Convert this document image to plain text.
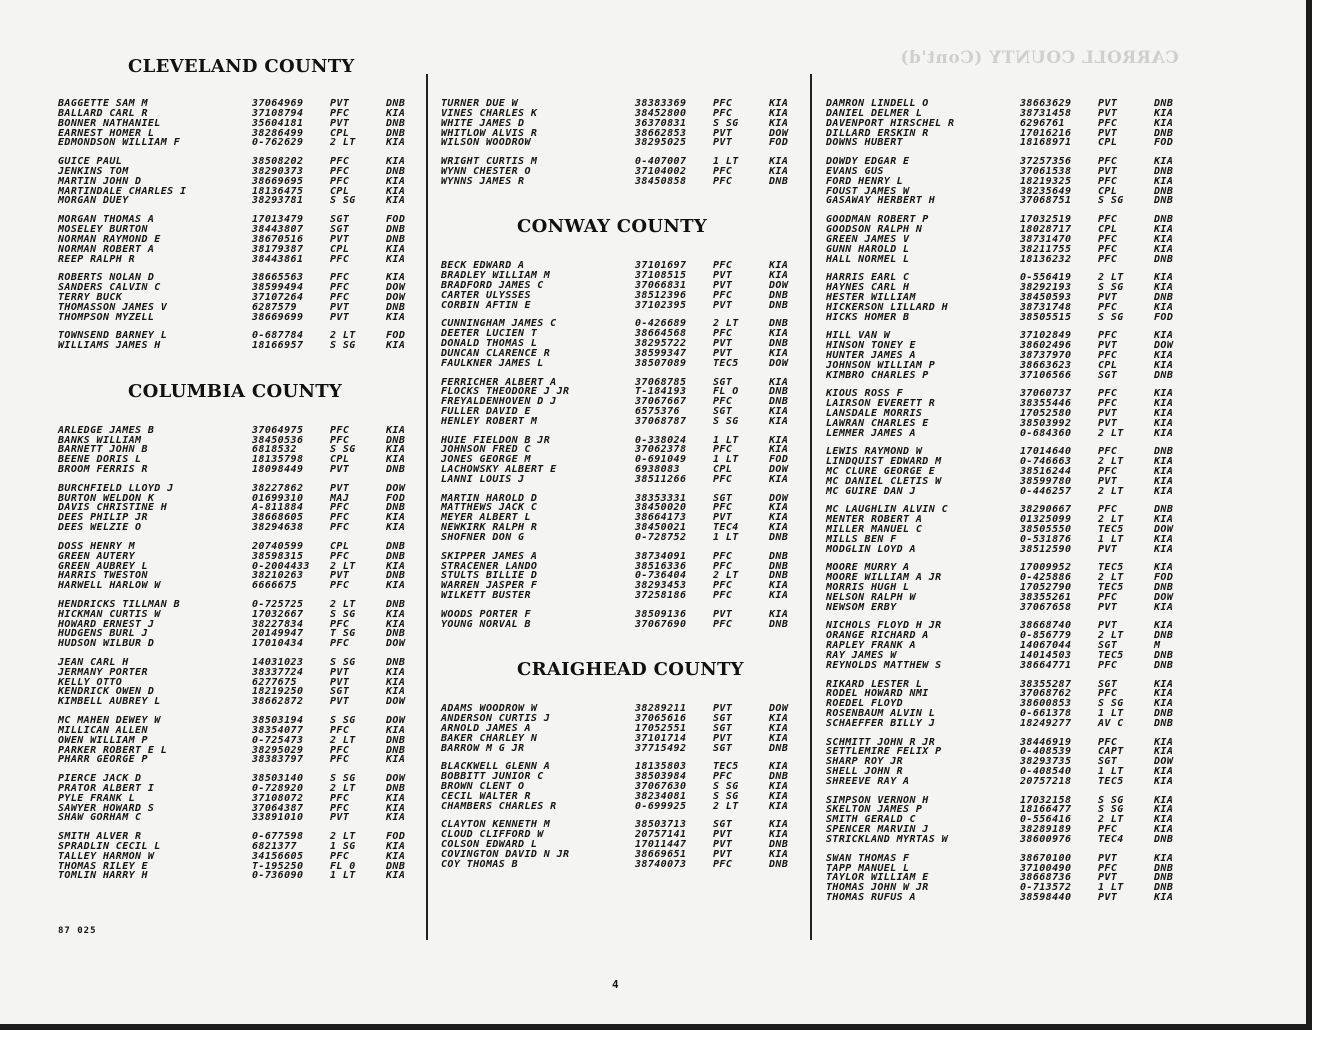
CARROLL COUNTY (Cont'd)
CLEVELAND COUNTY
BAGGETTE SAM M	37064969	PVT	DNB
BALLARD CARL R	37108794	PFC	KIA
BONNER NATHANIEL	35604181	PVT	DNB
EARNEST HOMER L	38286499	CPL	DNB
EDMONDSON WILLIAM F	0-762629	2 LT	KIA
GUICE PAUL	38508202	PFC	KIA
JENKINS TOM	38290373	PFC	DNB
MARTIN JOHN D	38669695	PFC	KIA
MARTINDALE CHARLES I	18136475	CPL	KIA
MORGAN DUEY	38293781	S SG	KIA
MORGAN THOMAS A	17013479	SGT	FOD
MOSELEY BURTON	38443807	SGT	DNB
NORMAN RAYMOND E	38670516	PVT	DNB
NORMAN ROBERT A	38179387	CPL	KIA
REEP RALPH R	38443861	PFC	KIA
ROBERTS NOLAN D	38665563	PFC	KIA
SANDERS CALVIN C	38599494	PFC	DOW
TERRY BUCK	37107264	PFC	DOW
THOMASSON JAMES V	6287579	PVT	DNB
THOMPSON MYZELL	38669699	PVT	KIA
TOWNSEND BARNEY L	0-687784	2 LT	FOD
WILLIAMS JAMES H	18166957	S SG	KIA
COLUMBIA COUNTY
ARLEDGE JAMES B	37064975	PFC	KIA
BANKS WILLIAM	38450536	PFC	DNB
BARNETT JOHN B	6818532	S SG	KIA
BEENE DORIS L	18135798	CPL	KIA
BROOM FERRIS R	18098449	PVT	DNB
BURCHFIELD LLOYD J	38227862	PVT	DOW
BURTON WELDON K	01699310	MAJ	FOD
DAVIS CHRISTINE H	A-811884	PFC	DNB
DEES PHILIP JR	38668605	PFC	KIA
DEES WELZIE O	38294638	PFC	KIA
DOSS HENRY M	20740599	CPL	DNB
GREEN AUTERY	38598315	PFC	DNB
GREEN AUBREY L	0-2004433 2 LT	KIA
HARRIS TWESTON	38210263	PVT	DNB
HARWELL HARLOW W	6666675	PFC	KIA
HENDRICKS TILLMAN B	0-725725	2 LT	DNB
HICKMAN CURTIS W	17032667	S SG	KIA
HOWARD ERNEST J	38227834	PFC	KIA
HUDGENS BURL J	20149947	T SG	DNB
HUDSON WILBUR D	17010434	PFC	DOW
JEAN CARL H	14031023	S SG	DNB
JERMANY PORTER	38337724	PVT	KIA
KELLY OTTO	6277675	PVT	KIA
KENDRICK OWEN D	18219250	SGT	KIA
KIMBELL AUBREY L	38662872	PVT	DOW
MC MAHEN DEWEY W	38503194	S SG	DOW
MILLICAN ALLEN	38354077	PFC	KIA
OWEN WILLIAM P	0-725473	2 LT	DNB
PARKER ROBERT E L	38295029	PFC	DNB
PHARR GEORGE P	38383797	PFC	KIA
PIERCE JACK D	38503140	S SG	DOW
PRATOR ALBERT I	0-728920	2 LT	DNB
PYLE FRANK L	37108072	PFC	KIA
SAWYER HOWARD S	37064387	PFC	KIA
SHAW GORHAM C	33891010	PVT	KIA
SMITH ALVER R	0-677598	2 LT	FOD
SPRADLIN CECIL L	6821377	1 SG	KIA
TALLEY HARMON W	34156605	PFC	KIA
THOMAS RILEY E	T-195250	FL 0	DNB
TOMLIN HARRY H	0-736090	1 LT	KIA
TURNER DUE W	38383369	PFC	KIA
VINES CHARLES K	38452800	PFC	KIA
WHITE JAMES D	36370831	S SG	KIA
WHITLOW ALVIS R	38662853	PVT	DOW
WILSON WOODROW	38295025	PVT	FOD
WRIGHT CURTIS M	0-407007	1 LT	KIA
WYNN CHESTER O	37104002	PFC	KIA
WYNNS JAMES R	38450858	PFC	DNB
CONWAY COUNTY
BECK EDWARD A	37101697	PFC	KIA
BRADLEY WILLIAM M	37108515	PVT	KIA
BRADFORD JAMES C	37066831	PVT	DOW
CARTER ULYSSES	38512396	PFC	DNB
CORBIN AFTIN E	37102395	PVT	DNB
CUNNINGHAM JAMES C	0-426689	2 LT	DNB
DEETER LUCIEN T	38664568	PFC	KIA
DONALD THOMAS L	38295722	PVT	DNB
DUNCAN CLARENCE R	38599347	PVT	KIA
FAULKNER JAMES L	38507089	TEC5	DOW
FERRICHER ALBERT A	37068785	SGT	KIA
FLOCKS THEODORE J JR	T-184193	FL O	DNB
FREYALDENHOVEN D J	37067667	PFC	DNB
FULLER DAVID E	6575376	SGT	KIA
HENLEY ROBERT M	37068787	S SG	KIA
HUIE FIELDON B JR	0-338024	1 LT	KIA
JOHNSON FRED C	37062378	PFC	KIA
JONES GEORGE M	0-691049	1 LT	FOD
LACHOWSKY ALBERT E	6938083	CPL	DOW
LANNI LOUIS J	38511266	PFC	KIA
MARTIN HAROLD D	38353331	SGT	DOW
MATTHEWS JACK C	38450020	PFC	KIA
MEYER ALBERT L	38664173	PVT	KIA
NEWKIRK RALPH R	38450021	TEC4	KIA
SHOFNER DON G	0-728752	1 LT	DNB
SKIPPER JAMES A	38734091	PFC	DNB
STRACENER LANDO	38516336	PFC	DNB
STULTS BILLIE D	0-736404	2 LT	DNB
WARREN JASPER F	38293453	PFC	KIA
WILKETT BUSTER	37258186	PFC	KIA
WOODS PORTER F	38509136	PVT	KIA
YOUNG NORVAL B	37067690	PFC	DNB
CRAIGHEAD COUNTY
ADAMS WOODROW W	38289211	PVT	DOW
ANDERSON CURTIS J	37065616	SGT	KIA
ARNOLD JAMES A	17052551	SGT	KIA
BAKER CHARLEY N	37101714	PVT	KIA
BARROW M G JR	37715492	SGT	DNB
BLACKWELL GLENN A	18135803	TEC5	KIA
BOBBITT JUNIOR C	38503984	PFC	DNB
BROWN CLENT O	37067630	S SG	KIA
CECIL WALTER R	38234081	S SG	KIA
CHAMBERS CHARLES R	0-699925	2 LT	KIA
CLAYTON KENNETH M	38503713	SGT	KIA
CLOUD CLIFFORD W	20757141	PVT	KIA
COLSON EDWARD L	17011447	PVT	DNB
COVINGTON DAVID N JR	38669651	PVT	KIA
COY THOMAS B	38740073	PFC	DNB
DAMRON LINDELL O	38663629	PVT	DNB
DANIEL DELMER L	38731458	PVT	KIA
DAVENPORT HIRSCHEL R	6296761	PFC	KIA
DILLARD ERSKIN R	17016216	PVT	DNB
DOWNS HUBERT	18168971	CPL	FOD
DOWDY EDGAR E	37257356	PFC	KIA
EVANS GUS	37061538	PVT	DNB
FORD HENRY L	18219325	PFC	KIA
FOUST JAMES W	38235649	CPL	DNB
GASAWAY HERBERT H	37068751	S SG	DNB
GOODMAN ROBERT P	17032519	PFC	DNB
GOODSON RALPH N	18028717	CPL	KIA
GREEN JAMES V	38731470	PFC	KIA
GUNN HAROLD L	38211755	PFC	KIA
HALL NORMEL L	18136232	PFC	DNB
HARRIS EARL C	0-556419	2 LT	KIA
HAYNES CARL H	38292193	S SG	KIA
HESTER WILLIAM	38450593	PVT	DNB
HICKERSON LILLARD H	38731748	PFC	KIA
HICKS HOMER B	38505515	S SG	FOD
HILL VAN W	37102849	PFC	KIA
HINSON TONEY E	38602496	PVT	DOW
HUNTER JAMES A	38737970	PFC	KIA
JOHNSON WILLIAM P	38663623	CPL	KIA
KIMBRO CHARLES P	37106566	SGT	DNB
KIOUS ROSS F	37060737	PFC	KIA
LAIRSON EVERETT R	38355446	PFC	KIA
LANSDALE MORRIS	17052580	PVT	KIA
LAWRAN CHARLES E	38503992	PVT	KIA
LEMMER JAMES A	0-684360	2 LT	KIA
LEWIS RAYMOND W	17014640	PFC	DNB
LINDQUIST EDWARD M	0-746663	2 LT	KIA
MC CLURE GEORGE E	38516244	PFC	KIA
MC DANIEL CLETIS W	38599780	PVT	KIA
MC GUIRE DAN J	0-446257	2 LT	KIA
MC LAUGHLIN ALVIN C	38290667	PFC	DNB
MENTER ROBERT A	01325099	2 LT	KIA
MILLER MANUEL C	38505550	TEC5	DOW
MILLS BEN F	0-531876	1 LT	KIA
MODGLIN LOYD A	38512590	PVT	KIA
MOORE MURRY A	17009952	TEC5	KIA
MOORE WILLIAM A JR	0-425886	2 LT	FOD
MORRIS HUGH L	17052790	TEC5	DNB
NELSON RALPH W	38355261	PFC	DOW
NEWSOM ERBY	37067658	PVT	KIA
NICHOLS FLOYD H JR	38668740	PVT	KIA
ORANGE RICHARD A	0-856779	2 LT	DNB
RAPLEY FRANK A	14067044	SGT	M
RAY JAMES W	14014503	TEC5	DNB
REYNOLDS MATTHEW S	38664771	PFC	DNB
RIKARD LESTER L	38355287	SGT	KIA
RODEL HOWARD NMI	37068762	PFC	KIA
ROEDEL FLOYD	38600853	S SG	KIA
ROSENBAUM ALVIN L	0-661378	1 LT	DNB
SCHAEFFER BILLY J	18249277	AV C	DNB
SCHMITT JOHN R JR	38446919	PFC	KIA
SETTLEMIRE FELIX P	0-408539	CAPT	KIA
SHARP ROY JR	38293735	SGT	DOW
SHELL JOHN R	0-408540	1 LT	KIA
SHREEVE RAY A	20757218	TEC5	KIA
SIMPSON VERNON H	17032158	S SG	KIA
SKELTON JAMES P	18166477	S SG	KIA
SMITH GERALD C	0-556416	2 LT	KIA
SPENCER MARVIN J	38289189	PFC	KIA
STRICKLAND MYRTAS W	38600976	TEC4	DNB
SWAN THOMAS F	38670100	PVT	KIA
TAPP MANUEL L	37100490	PFC	DNB
TAYLOR WILLIAM E	38668736	PVT	DNB
THOMAS JOHN W JR	0-713572	1 LT	DNB
THOMAS RUFUS A	38598440	PVT	KIA
87 025
4
